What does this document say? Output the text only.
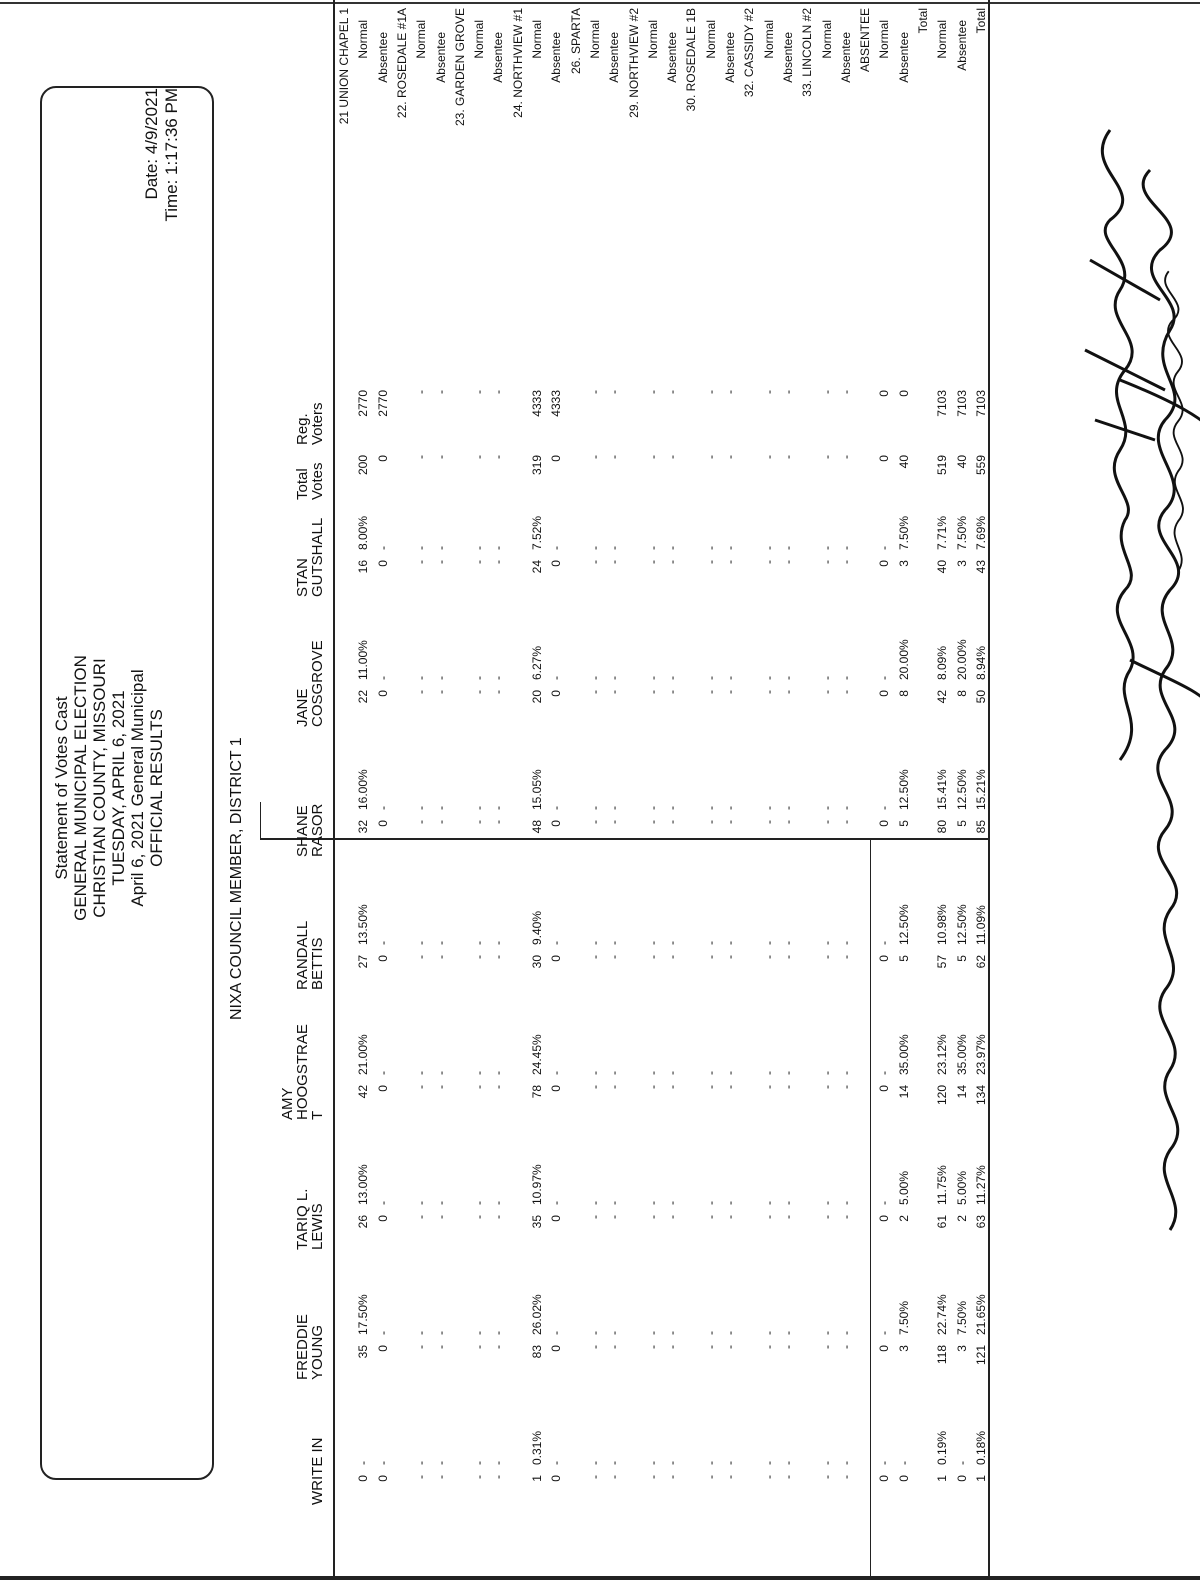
Statement of Votes Cast GENERAL MUNICIPAL ELECTION CHRISTIAN COUNTY, MISSOURI TUESDAY, APRIL 6, 2021 April 6, 2021 General Municipal OFFICIAL RESULTS
Date: 4/9/2021 Time: 1:17:36 PM
NIXA COUNCIL MEMBER, DISTRICT 1
Reg.
Voters
Total
Votes
STAN
GUTSHALL
JANE
COSGROVE
SHANE
RASOR
RANDALL
BETTIS
AMY
HOOGSTRAE
T
TARIQ L.
LEWIS
FREDDIE
YOUNG
WRITE IN
21 UNION CHAPEL 1 Normal
2770
200
16
8.00%
22
11.00%
32
16.00%
27
13.50%
42
21.00%
26
13.00%
35
17.50%
0
-
Absentee
2770
0
0
-
0
-
0
-
0
-
0
-
0
-
0
-
0
-
22. ROSEDALE #1A Normal
-
-
-
-
-
-
-
-
-
-
-
-
-
-
-
-
-
-
Absentee
-
-
-
-
-
-
-
-
-
-
-
-
-
-
-
-
-
-
23. GARDEN GROVE Normal
-
-
-
-
-
-
-
-
-
-
-
-
-
-
-
-
-
-
Absentee
-
-
-
-
-
-
-
-
-
-
-
-
-
-
-
-
-
-
24. NORTHVIEW #1 Normal
4333
319
24
7.52%
20
6.27%
48
15.05%
30
9.40%
78
24.45%
35
10.97%
83
26.02%
1
0.31%
Absentee
4333
0
0
-
0
-
0
-
0
-
0
-
0
-
0
-
0
-
26. SPARTA Normal
-
-
-
-
-
-
-
-
-
-
-
-
-
-
-
-
-
-
Absentee
-
-
-
-
-
-
-
-
-
-
-
-
-
-
-
-
-
-
29. NORTHVIEW #2 Normal
-
-
-
-
-
-
-
-
-
-
-
-
-
-
-
-
-
-
Absentee
-
-
-
-
-
-
-
-
-
-
-
-
-
-
-
-
-
-
30. ROSEDALE 1B Normal
-
-
-
-
-
-
-
-
-
-
-
-
-
-
-
-
-
-
Absentee
-
-
-
-
-
-
-
-
-
-
-
-
-
-
-
-
-
-
32. CASSIDY #2 Normal
-
-
-
-
-
-
-
-
-
-
-
-
-
-
-
-
-
-
Absentee
-
-
-
-
-
-
-
-
-
-
-
-
-
-
-
-
-
-
33. LINCOLN #2 Normal
-
-
-
-
-
-
-
-
-
-
-
-
-
-
-
-
-
-
Absentee
-
-
-
-
-
-
-
-
-
-
-
-
-
-
-
-
-
-
ABSENTEE Normal
0
0
0
-
0
-
0
-
0
-
0
-
0
-
0
-
0
-
Absentee
0
40
3
7.50%
8
20.00%
5
12.50%
5
12.50%
14
35.00%
2
5.00%
3
7.50%
0
-
Total Normal
7103
519
40
7.71%
42
8.09%
80
15.41%
57
10.98%
120
23.12%
61
11.75%
118
22.74%
1
0.19%
Absentee
7103
40
3
7.50%
8
20.00%
5
12.50%
5
12.50%
14
35.00%
2
5.00%
3
7.50%
0
-
Total
7103
559
43
7.69%
50
8.94%
85
15.21%
62
11.09%
134
23.97%
63
11.27%
121
21.65%
1
0.18%
